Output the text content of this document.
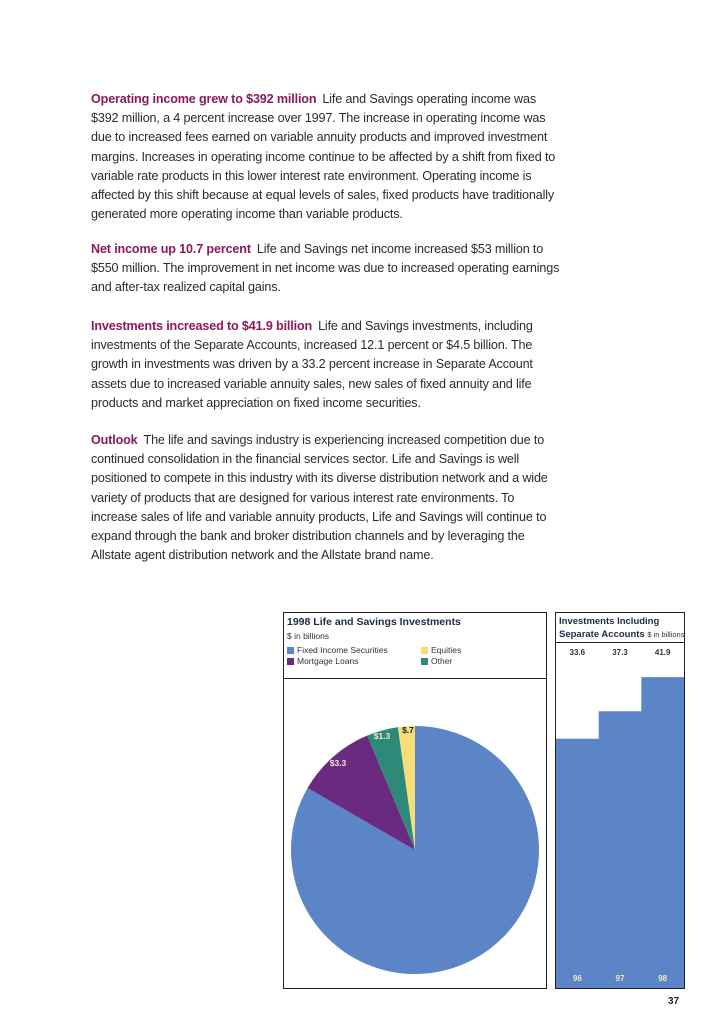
Operating income grew to $392 million Life and Savings operating income was $392 million, a 4 percent increase over 1997. The increase in operating income was due to increased fees earned on variable annuity products and improved investment margins. Increases in operating income continue to be affected by a shift from fixed to variable rate products in this lower interest rate environment. Operating income is affected by this shift because at equal levels of sales, fixed products have traditionally generated more operating income than variable products.

Net income up 10.7 percent Life and Savings net income increased $53 million to $550 million. The improvement in net income was due to increased operating earnings and after-tax realized capital gains.

Investments increased to $41.9 billion Life and Savings investments, including investments of the Separate Accounts, increased 12.1 percent or $4.5 billion. The growth in investments was driven by a 33.2 percent increase in Separate Account assets due to increased variable annuity sales, new sales of fixed annuity and life products and market appreciation on fixed income securities.

Outlook The life and savings industry is experiencing increased competition due to continued consolidation in the financial services sector. Life and Savings is well positioned to compete in this industry with its diverse distribution network and a wide variety of products that are designed for various interest rate environments. To increase sales of life and variable annuity products, Life and Savings will continue to expand through the bank and broker distribution channels and by leveraging the Allstate agent distribution network and the Allstate brand name.

1998 Life and Savings Investments
$ in billions
Fixed Income Securities	Equities
Mortgage Loans	Other
$3.3
$1.3
$.7
Investments Including
Separate Accounts $ in billions
33.6
96
37.3
97
41.9
98
37
